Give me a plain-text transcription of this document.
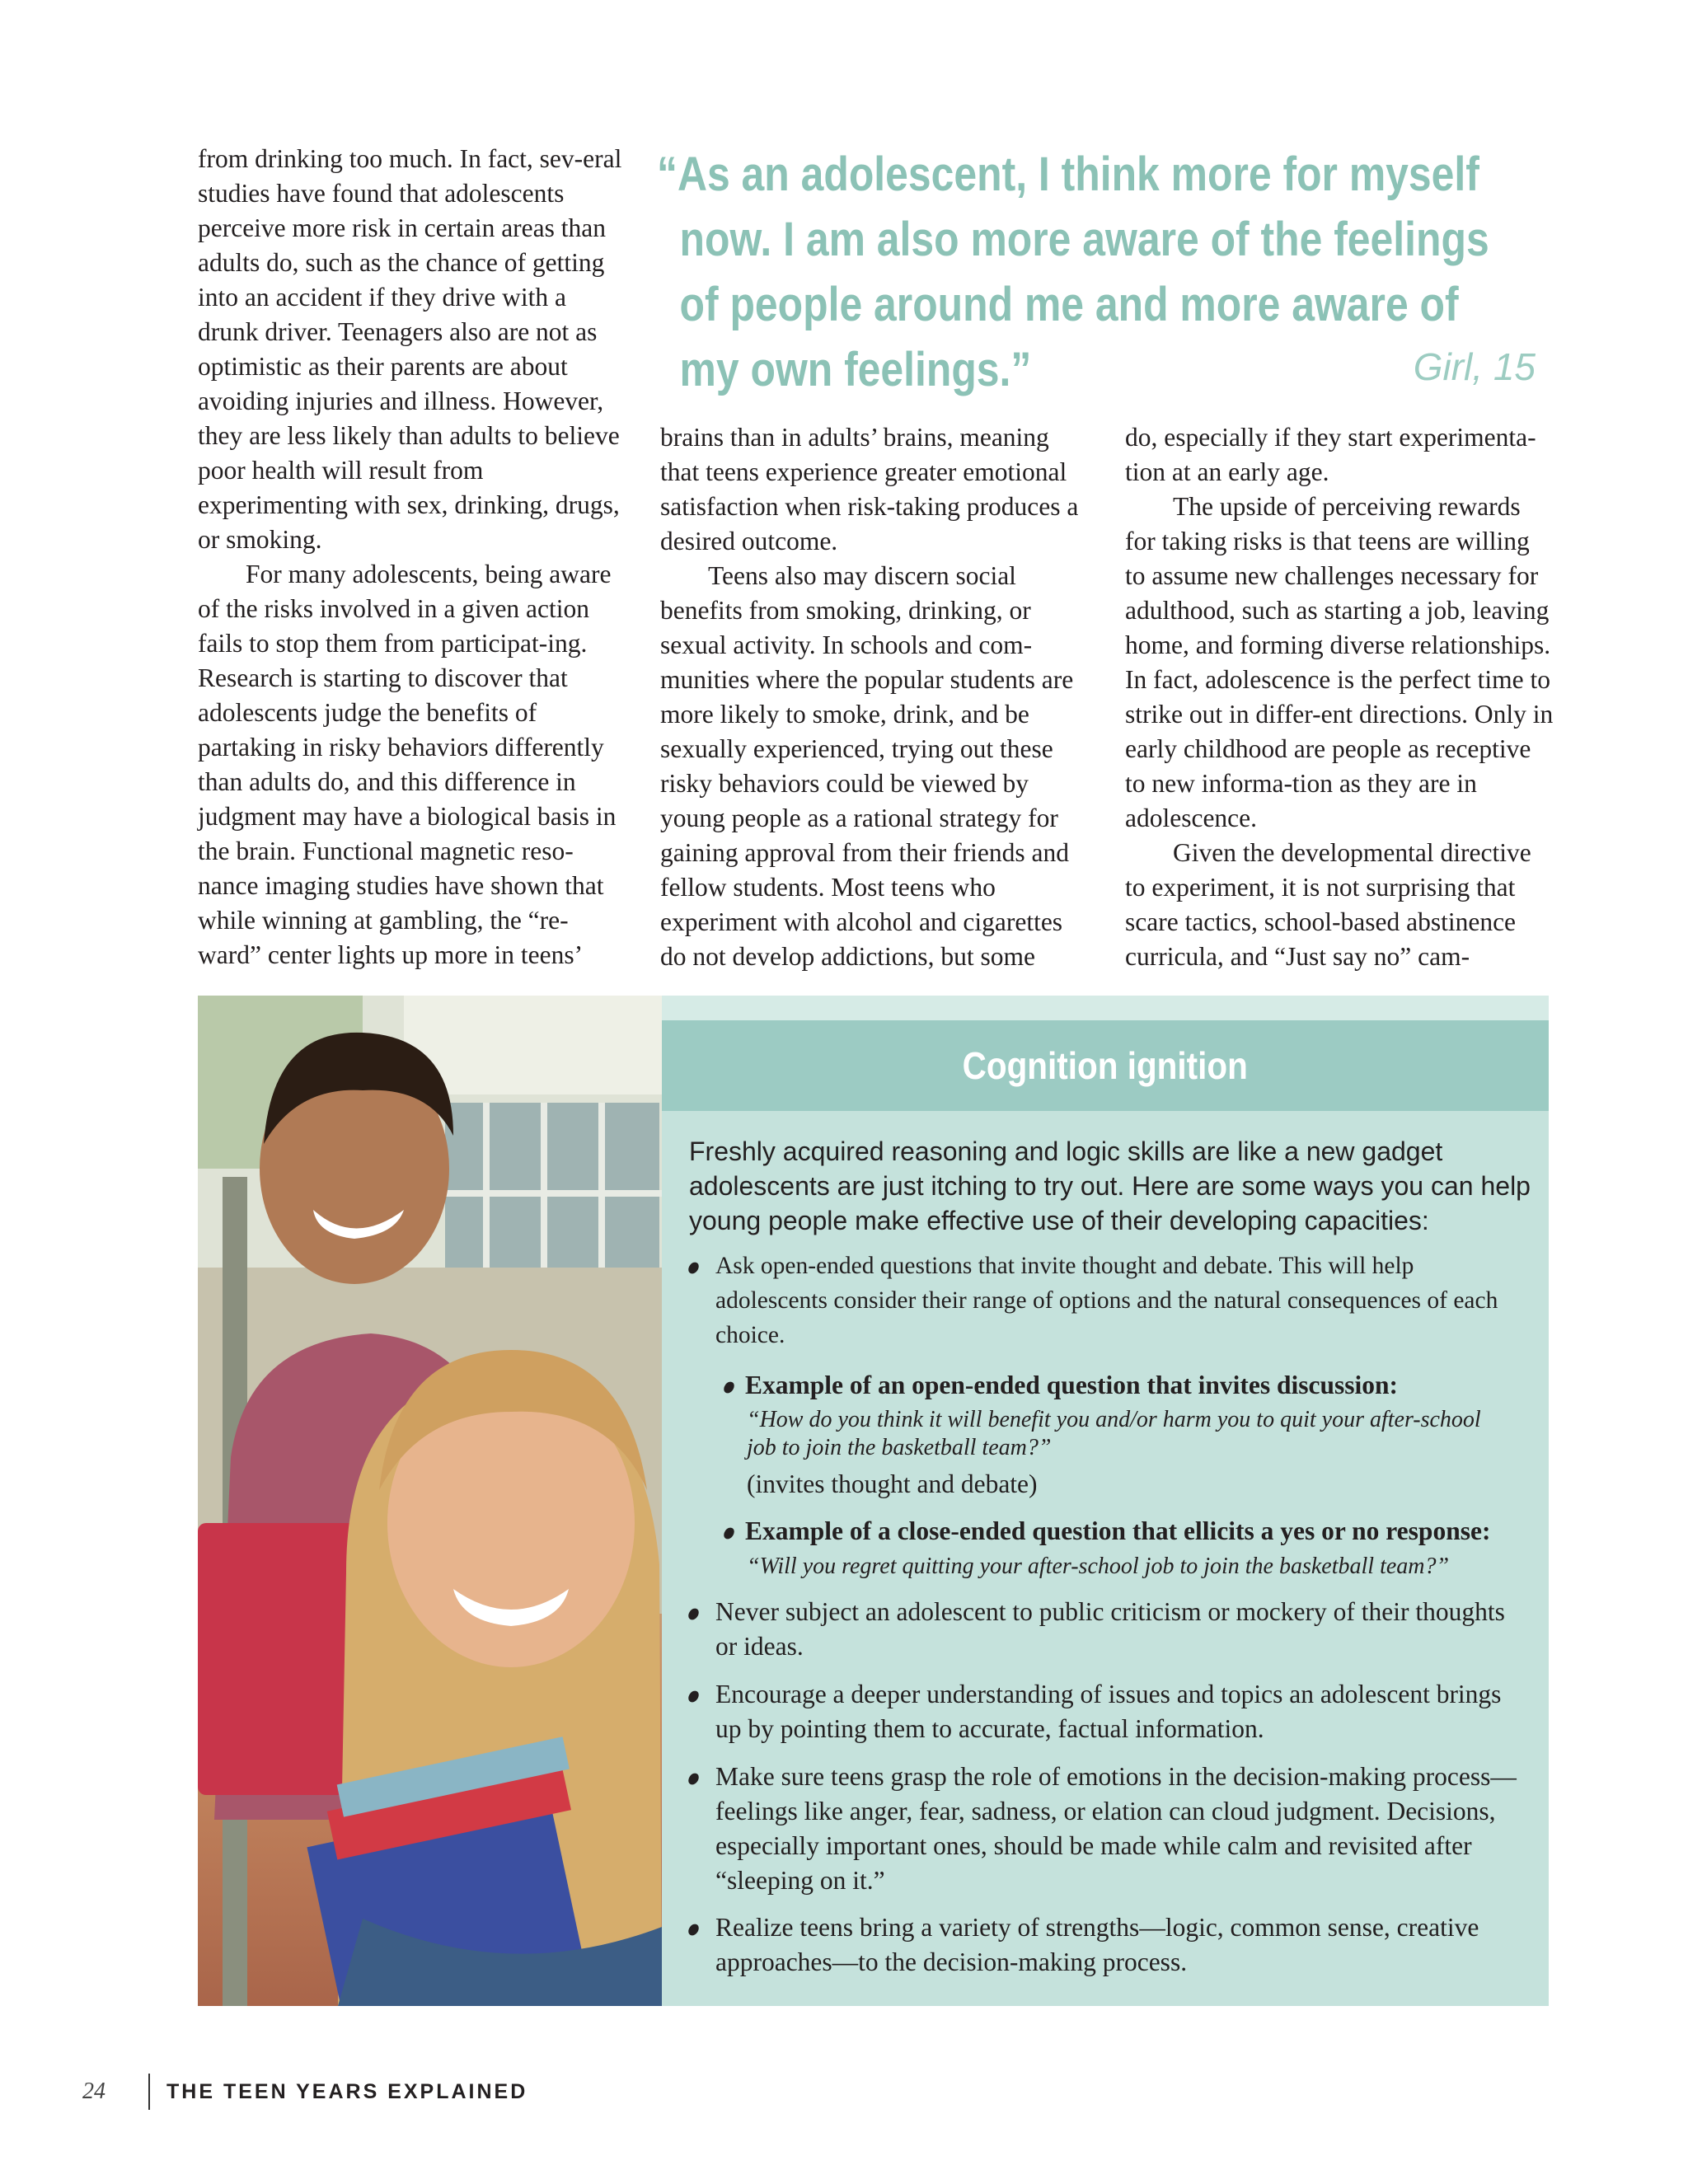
from drinking too much. In fact, sev-eral studies have found that adolescents perceive more risk in certain areas than adults do, such as the chance of getting into an accident if they drive with a drunk driver. Teenagers also are not as optimistic as their parents are about avoiding injuries and illness. However, they are less likely than adults to believe poor health will result from experimenting with sex, drinking, drugs, or smoking.

For many adolescents, being aware of the risks involved in a given action fails to stop them from participat-ing. Research is starting to discover that adolescents judge the benefits of partaking in risky behaviors differently than adults do, and this difference in judgment may have a biological basis in the brain. Functional magnetic reso-nance imaging studies have shown that while winning at gambling, the “re-ward” center lights up more in teens’

“As an adolescent, I think more for myself
now. I am also more aware of the feelings
of people around me and more aware of
my own feelings.”	Girl, 15

brains than in adults’ brains, meaning that teens experience greater emotional satisfaction when risk-taking produces a desired outcome.

Teens also may discern social benefits from smoking, drinking, or sexual activity. In schools and com-munities where the popular students are more likely to smoke, drink, and be sexually experienced, trying out these risky behaviors could be viewed by young people as a rational strategy for gaining approval from their friends and fellow students. Most teens who experiment with alcohol and cigarettes do not develop addictions, but some

do, especially if they start experimenta-tion at an early age.

The upside of perceiving rewards for taking risks is that teens are willing to assume new challenges necessary for adulthood, such as starting a job, leaving home, and forming diverse relationships. In fact, adolescence is the perfect time to strike out in differ-ent directions. Only in early childhood are people as receptive to new informa-tion as they are in adolescence.

Given the developmental directive to experiment, it is not surprising that scare tactics, school-based abstinence curricula, and “Just say no” cam-

Cognition ignition
Freshly acquired reasoning and logic skills are like a new gadget adolescents are just itching to try out. Here are some ways you can help young people make effective use of their developing capacities:
Ask open-ended questions that invite thought and debate. This will help adolescents consider their range of options and the natural consequences of each choice.
Example of an open-ended question that invites discussion:
“How do you think it will benefit you and/or harm you to quit your after-school job to join the basketball team?”
(invites thought and debate)
Example of a close-ended question that ellicits a yes or no response:
“Will you regret quitting your after-school job to join the basketball team?”
Never subject an adolescent to public criticism or mockery of their thoughts or ideas.
Encourage a deeper understanding of issues and topics an adolescent brings up by pointing them to accurate, factual information.
Make sure teens grasp the role of emotions in the decision-making process—feelings like anger, fear, sadness, or elation can cloud judgment. Decisions, especially important ones, should be made while calm and revisited after “sleeping on it.”
Realize teens bring a variety of strengths—logic, common sense, creative approaches—to the decision-making process.
24	THE TEEN YEARS EXPLAINED
